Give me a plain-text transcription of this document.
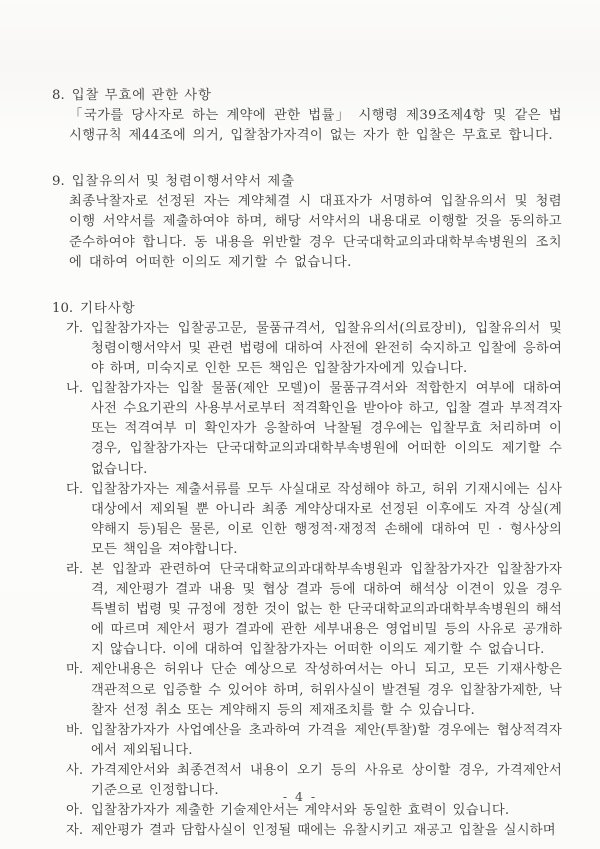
8. 입찰 무효에 관한 사항
「국가를 당사자로 하는 계약에 관한 법률」 시행령 제39조제4항 및 같은 법 시행규칙 제44조에 의거, 입찰참가자격이 없는 자가 한 입찰은 무효로 합니다.
9. 입찰유의서 및 청렴이행서약서 제출
최종낙찰자로 선정된 자는 계약체결 시 대표자가 서명하여 입찰유의서 및 청렴이행 서약서를 제출하여야 하며, 해당 서약서의 내용대로 이행할 것을 동의하고 준수하여야 합니다. 동 내용을 위반할 경우 단국대학교의과대학부속병원의 조치에 대하여 어떠한 이의도 제기할 수 없습니다.
10. 기타사항
가. 입찰참가자는 입찰공고문, 물품규격서, 입찰유의서(의료장비), 입찰유의서 및 청렴이행서약서 및 관련 법령에 대하여 사전에 완전히 숙지하고 입찰에 응하여야 하며, 미숙지로 인한 모든 책임은 입찰참가자에게 있습니다.
나. 입찰참가자는 입찰 물품(제안 모델)이 물품규격서와 적합한지 여부에 대하여 사전 수요기관의 사용부서로부터 적격확인을 받아야 하고, 입찰 결과 부적격자 또는 적격여부 미 확인자가 응찰하여 낙찰될 경우에는 입찰무효 처리하며 이 경우, 입찰참가자는 단국대학교의과대학부속병원에 어떠한 이의도 제기할 수 없습니다.
다. 입찰참가자는 제출서류를 모두 사실대로 작성해야 하고, 허위 기재시에는 심사대상에서 제외될 뿐 아니라 최종 계약상대자로 선정된 이후에도 자격 상실(계약해지 등)됨은 물론, 이로 인한 행정적·재정적 손해에 대하여 민 · 형사상의 모든 책임을 져야합니다.
라. 본 입찰과 관련하여 단국대학교의과대학부속병원과 입찰참가자간 입찰참가자격, 제안평가 결과 내용 및 협상 결과 등에 대하여 해석상 이견이 있을 경우 특별히 법령 및 규정에 정한 것이 없는 한 단국대학교의과대학부속병원의 해석에 따르며 제안서 평가 결과에 관한 세부내용은 영업비밀 등의 사유로 공개하지 않습니다. 이에 대하여 입찰참가자는 어떠한 이의도 제기할 수 없습니다.
마. 제안내용은 허위나 단순 예상으로 작성하여서는 아니 되고, 모든 기재사항은 객관적으로 입증할 수 있어야 하며, 허위사실이 발견될 경우 입찰참가제한, 낙찰자 선정 취소 또는 계약해지 등의 제재조치를 할 수 있습니다.
바. 입찰참가자가 사업예산을 초과하여 가격을 제안(투찰)할 경우에는 협상적격자에서 제외됩니다.
사. 가격제안서와 최종견적서 내용이 오기 등의 사유로 상이할 경우, 가격제안서 기준으로 인정합니다.
아. 입찰참가자가 제출한 기술제안서는 계약서와 동일한 효력이 있습니다.
자. 제안평가 결과 담합사실이 인정될 때에는 유찰시키고 재공고 입찰을 실시하며
- 4 -
